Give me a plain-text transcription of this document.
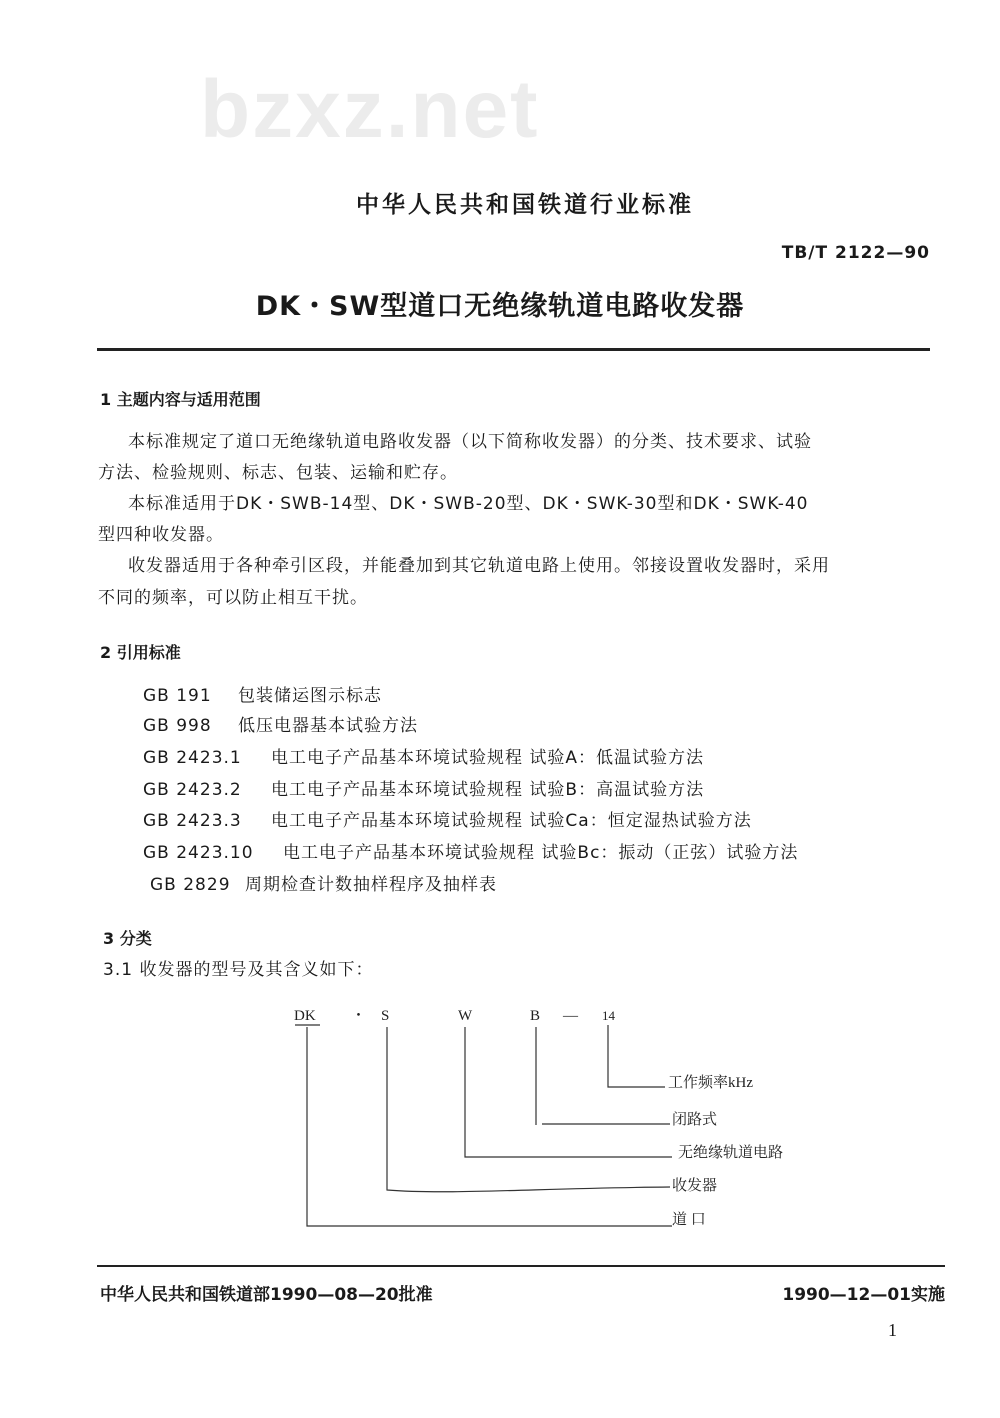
bzxz.net
中华人民共和国铁道行业标准
TB/T 2122—90
DK・SW型道口无绝缘轨道电路收发器
1 主题内容与适用范围
本标准规定了道口无绝缘轨道电路收发器（以下简称收发器）的分类、技术要求、试验
方法、检验规则、标志、包装、运输和贮存。
本标准适用于DK・SWB-14型、DK・SWB-20型、DK・SWK-30型和DK・SWK-40
型四种收发器。
收发器适用于各种牵引区段，并能叠加到其它轨道电路上使用。邻接设置收发器时，采用
不同的频率，可以防止相互干扰。
2 引用标准
GB 191 包装储运图示标志
GB 998 低压电器基本试验方法
GB 2423.1 电工电子产品基本环境试验规程 试验A：低温试验方法
GB 2423.2 电工电子产品基本环境试验规程 试验B：高温试验方法
GB 2423.3 电工电子产品基本环境试验规程 试验Ca：恒定湿热试验方法
GB 2423.10 电工电子产品基本环境试验规程 试验Bc：振动（正弦）试验方法
GB 2829 周期检查计数抽样程序及抽样表
3 分类
3.1 收发器的型号及其含义如下：
DK ・ S	W	B — 14
工作频率kHz
闭路式
无绝缘轨道电路
收发器
道 口
中华人民共和国铁道部1990—08—20批准	1990—12—01实施
1
